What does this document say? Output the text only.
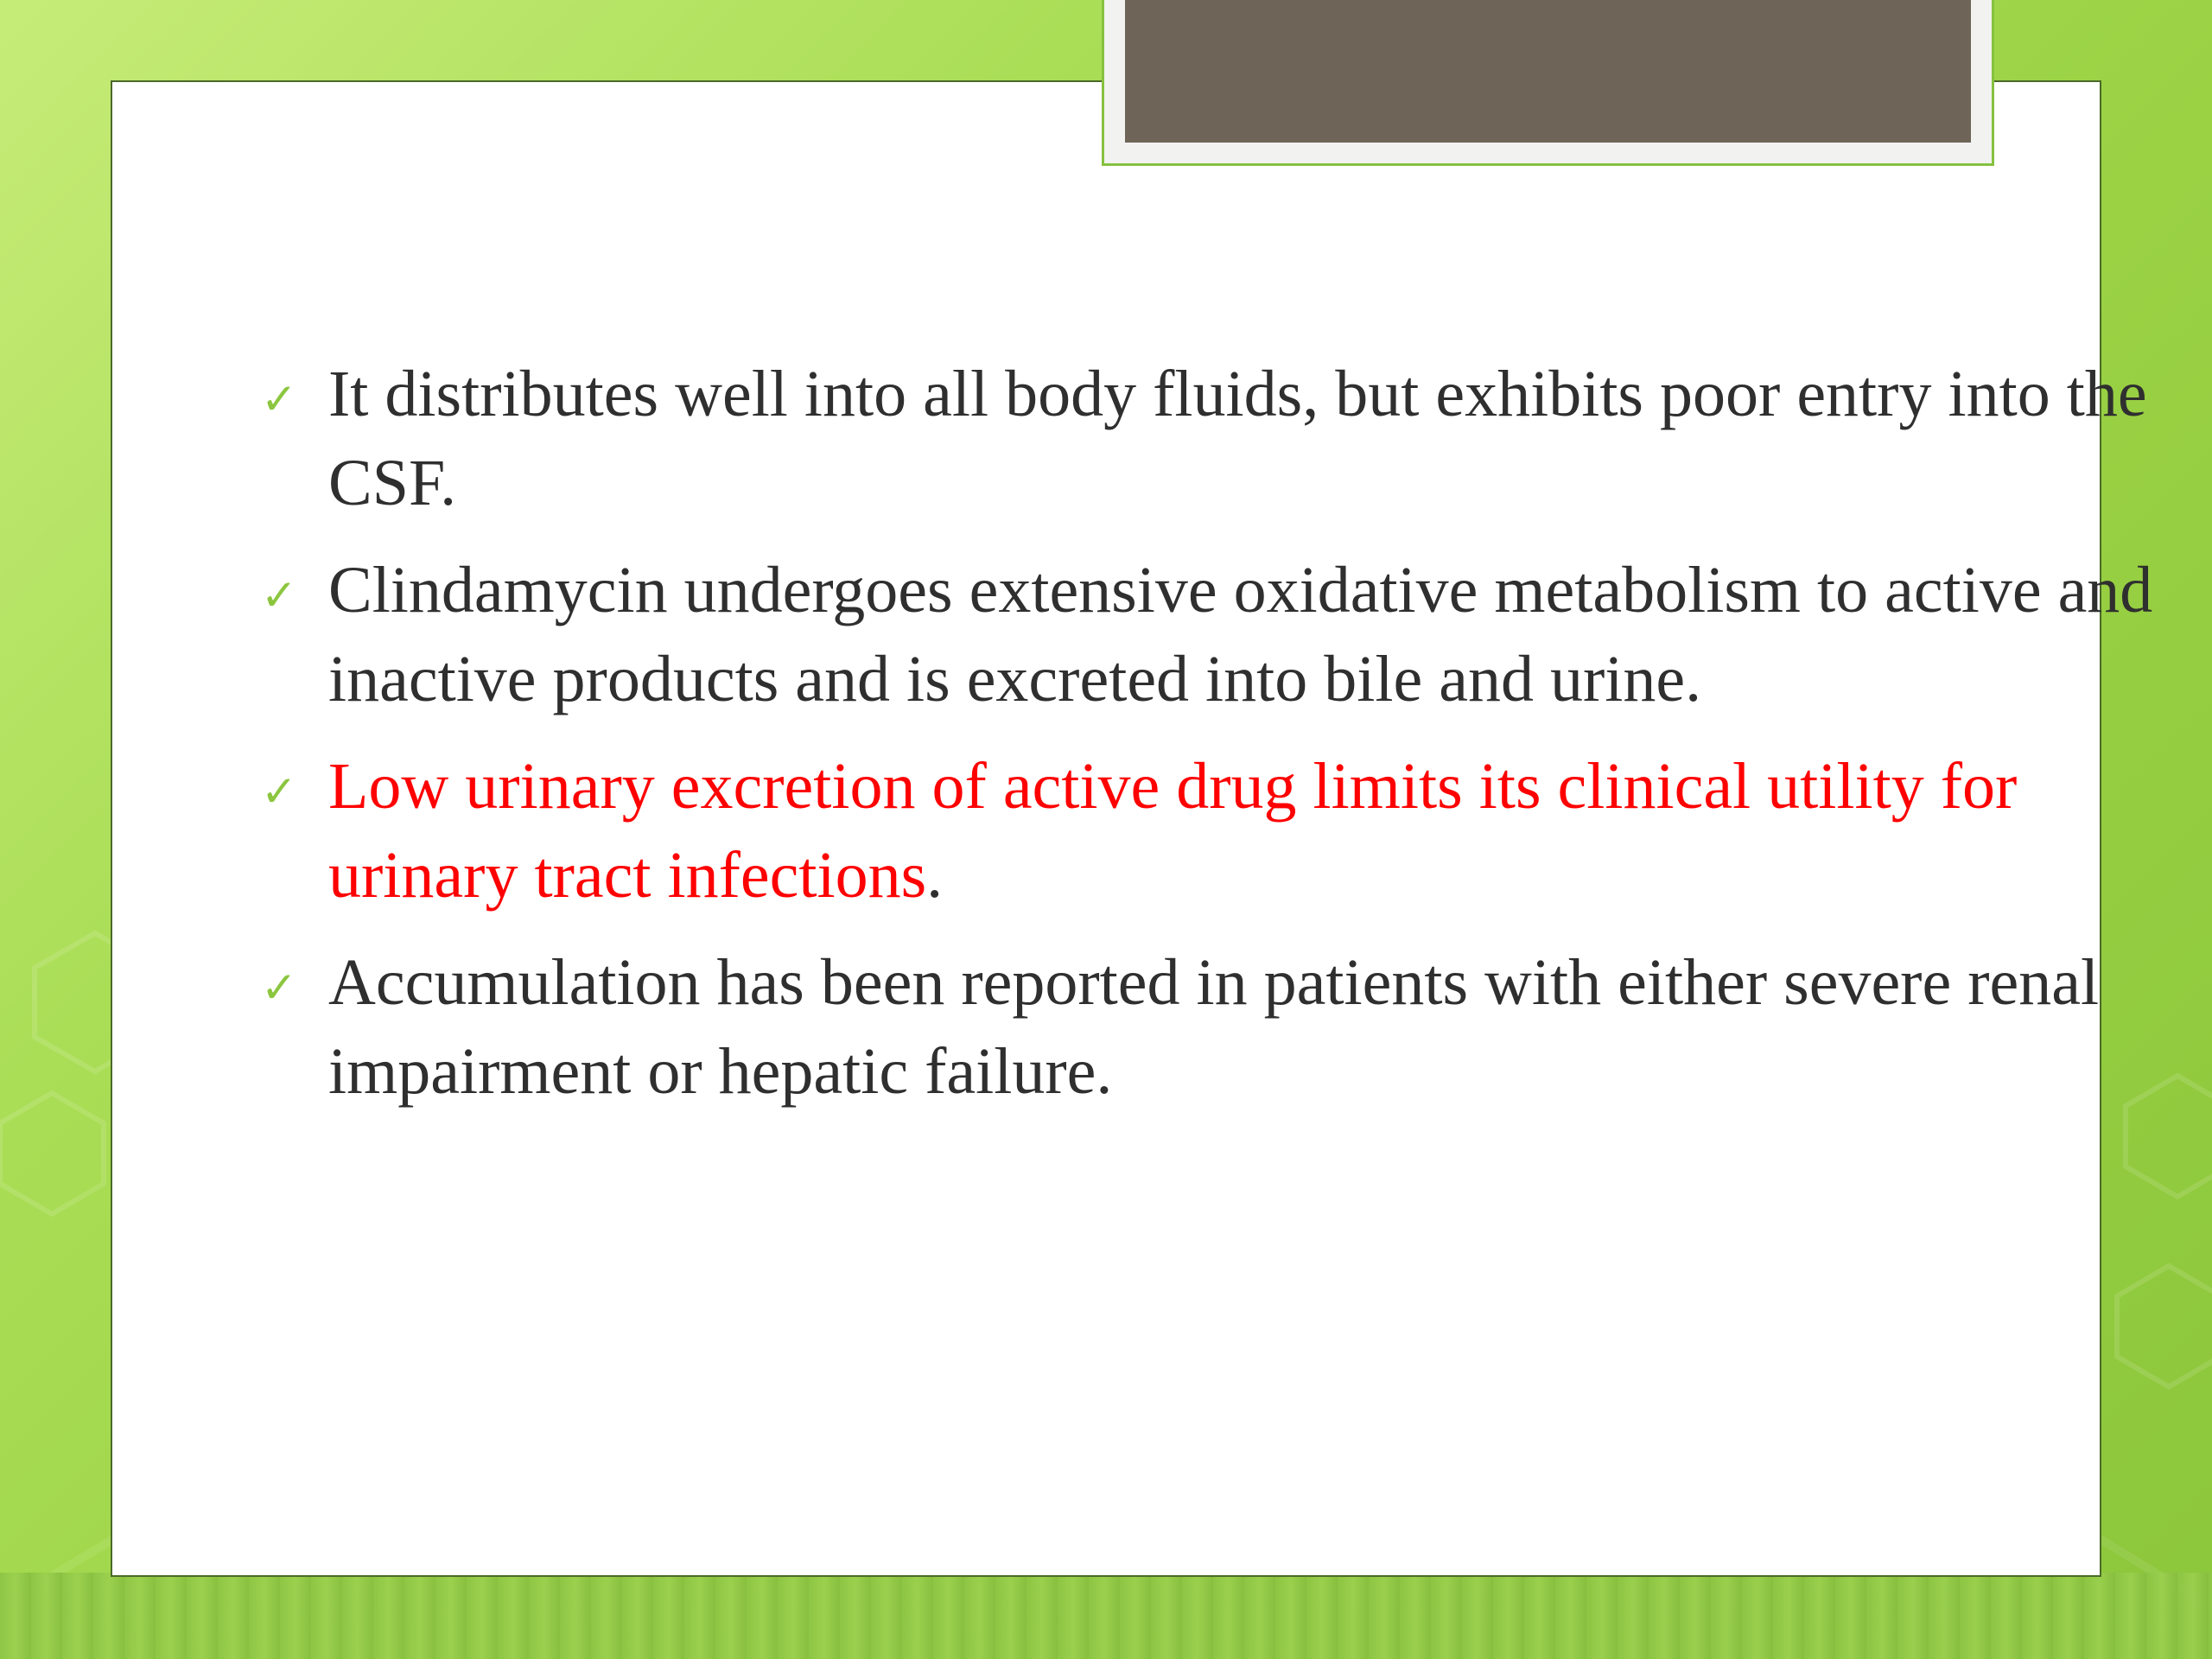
✓ It distributes well into all body fluids, but exhibits poor entry into the CSF.
✓ Clindamycin undergoes extensive oxidative metabolism to active and inactive products and is excreted into bile and urine.
✓ Low urinary excretion of active drug limits its clinical utility for urinary tract infections.
✓ Accumulation has been reported in patients with either severe renal impairment or hepatic failure.
